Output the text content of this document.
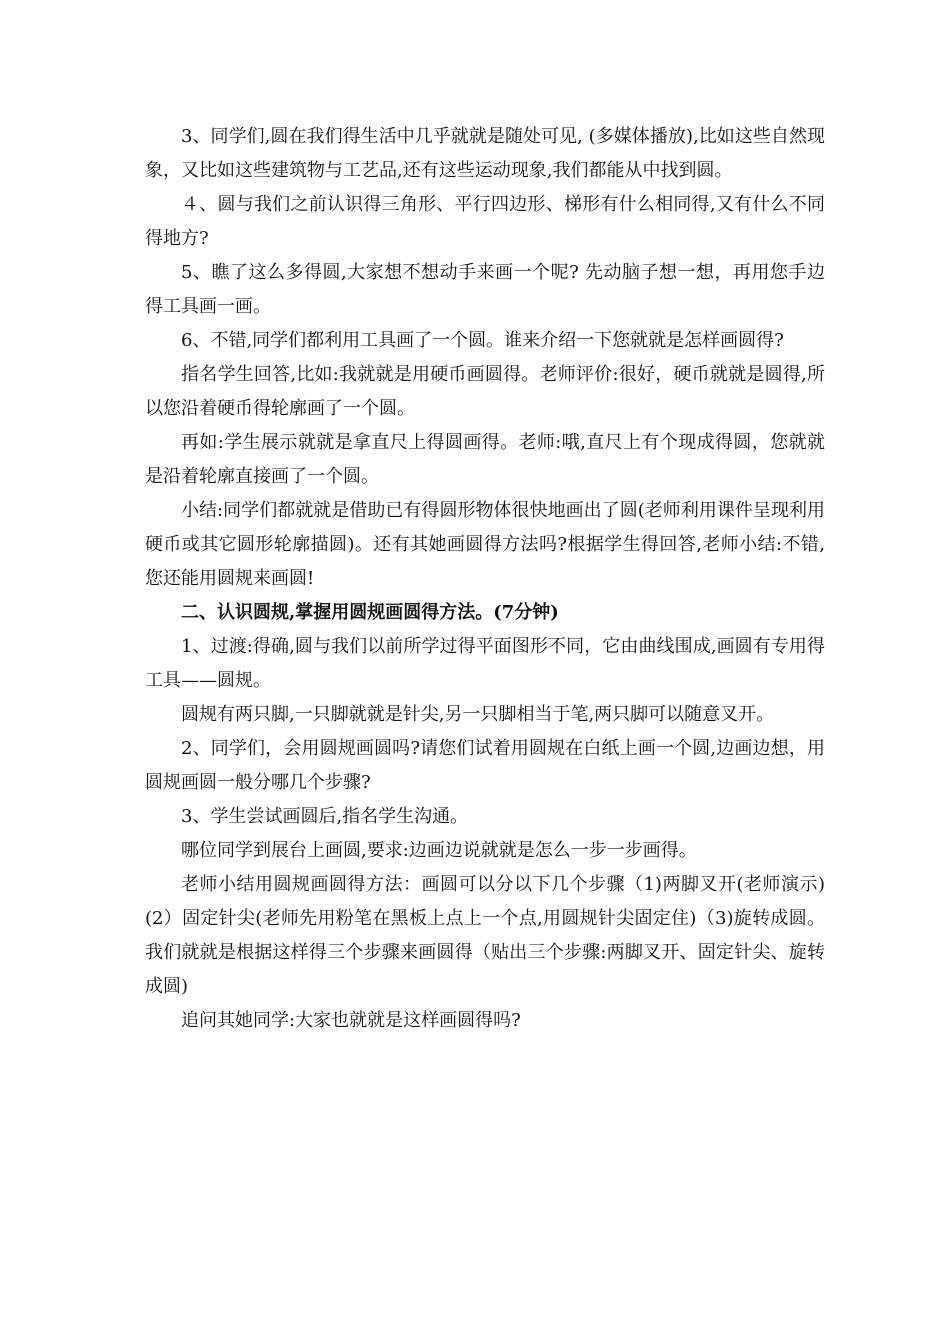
3、同学们,圆在我们得生活中几乎就就是随处可见, (多媒体播放),比如这些自然现象，又比如这些建筑物与工艺品,还有这些运动现象,我们都能从中找到圆。

４、圆与我们之前认识得三角形、平行四边形、梯形有什么相同得,又有什么不同得地方?

5、瞧了这么多得圆,大家想不想动手来画一个呢? 先动脑子想一想，再用您手边得工具画一画。

6、不错,同学们都利用工具画了一个圆。谁来介绍一下您就就是怎样画圆得?

指名学生回答,比如:我就就是用硬币画圆得。老师评价:很好，硬币就就是圆得,所以您沿着硬币得轮廓画了一个圆。

再如:学生展示就就是拿直尺上得圆画得。老师:哦,直尺上有个现成得圆，您就就是沿着轮廓直接画了一个圆。

小结:同学们都就就是借助已有得圆形物体很快地画出了圆(老师利用课件呈现利用硬币或其它圆形轮廓描圆)。还有其她画圆得方法吗?根据学生得回答,老师小结:不错,您还能用圆规来画圆!

二、认识圆规,掌握用圆规画圆得方法。(7分钟)

1、过渡:得确,圆与我们以前所学过得平面图形不同，它由曲线围成,画圆有专用得工具——圆规。

圆规有两只脚,一只脚就就是针尖,另一只脚相当于笔,两只脚可以随意叉开。

2、同学们，会用圆规画圆吗?请您们试着用圆规在白纸上画一个圆,边画边想，用圆规画圆一般分哪几个步骤?

3、学生尝试画圆后,指名学生沟通。

哪位同学到展台上画圆,要求:边画边说就就是怎么一步一步画得。

老师小结用圆规画圆得方法：画圆可以分以下几个步骤（1)两脚叉开(老师演示)(2）固定针尖(老师先用粉笔在黑板上点上一个点,用圆规针尖固定住)（3)旋转成圆。我们就就是根据这样得三个步骤来画圆得（贴出三个步骤:两脚叉开、固定针尖、旋转成圆)

追问其她同学:大家也就就是这样画圆得吗?
